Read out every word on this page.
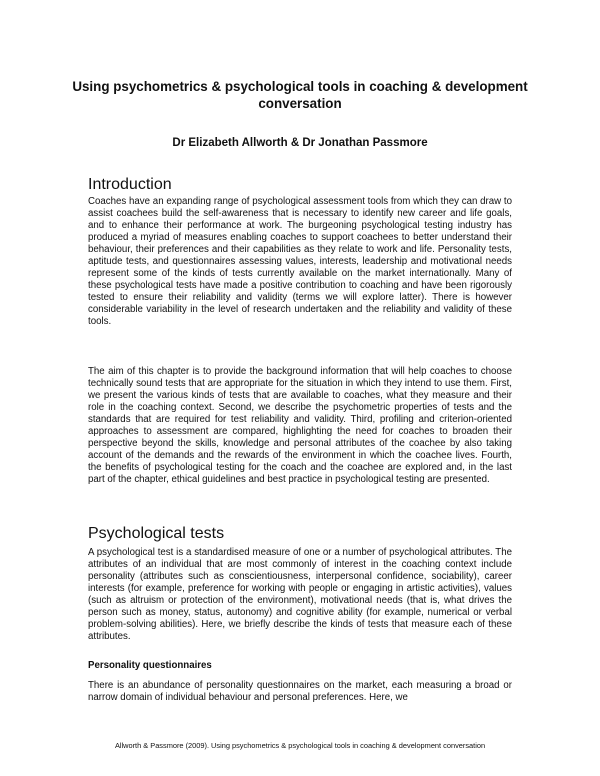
Using psychometrics & psychological tools in coaching & development conversation

Dr Elizabeth Allworth & Dr Jonathan Passmore

Introduction

Coaches have an expanding range of psychological assessment tools from which they can draw to assist coachees build the self-awareness that is necessary to identify new career and life goals, and to enhance their performance at work. The burgeoning psychological testing industry has produced a myriad of measures enabling coaches to support coachees to better understand their behaviour, their preferences and their capabilities as they relate to work and life. Personality tests, aptitude tests, and questionnaires assessing values, interests, leadership and motivational needs represent some of the kinds of tests currently available on the market internationally. Many of these psychological tests have made a positive contribution to coaching and have been rigorously tested to ensure their reliability and validity (terms we will explore latter). There is however considerable variability in the level of research undertaken and the reliability and validity of these tools.

The aim of this chapter is to provide the background information that will help coaches to choose technically sound tests that are appropriate for the situation in which they intend to use them. First, we present the various kinds of tests that are available to coaches, what they measure and their role in the coaching context. Second, we describe the psychometric properties of tests and the standards that are required for test reliability and validity. Third, profiling and criterion-oriented approaches to assessment are compared, highlighting the need for coaches to broaden their perspective beyond the skills, knowledge and personal attributes of the coachee by also taking account of the demands and the rewards of the environment in which the coachee lives. Fourth, the benefits of psychological testing for the coach and the coachee are explored and, in the last part of the chapter, ethical guidelines and best practice in psychological testing are presented.

Psychological tests

A psychological test is a standardised measure of one or a number of psychological attributes. The attributes of an individual that are most commonly of interest in the coaching context include personality (attributes such as conscientiousness, interpersonal confidence, sociability), career interests (for example, preference for working with people or engaging in artistic activities), values (such as altruism or protection of the environment), motivational needs (that is, what drives the person such as money, status, autonomy) and cognitive ability (for example, numerical or verbal problem-solving abilities). Here, we briefly describe the kinds of tests that measure each of these attributes.

Personality questionnaires

There is an abundance of personality questionnaires on the market, each measuring a broad or narrow domain of individual behaviour and personal preferences. Here, we

Allworth & Passmore (2009). Using psychometrics & psychological tools in coaching & development conversation
